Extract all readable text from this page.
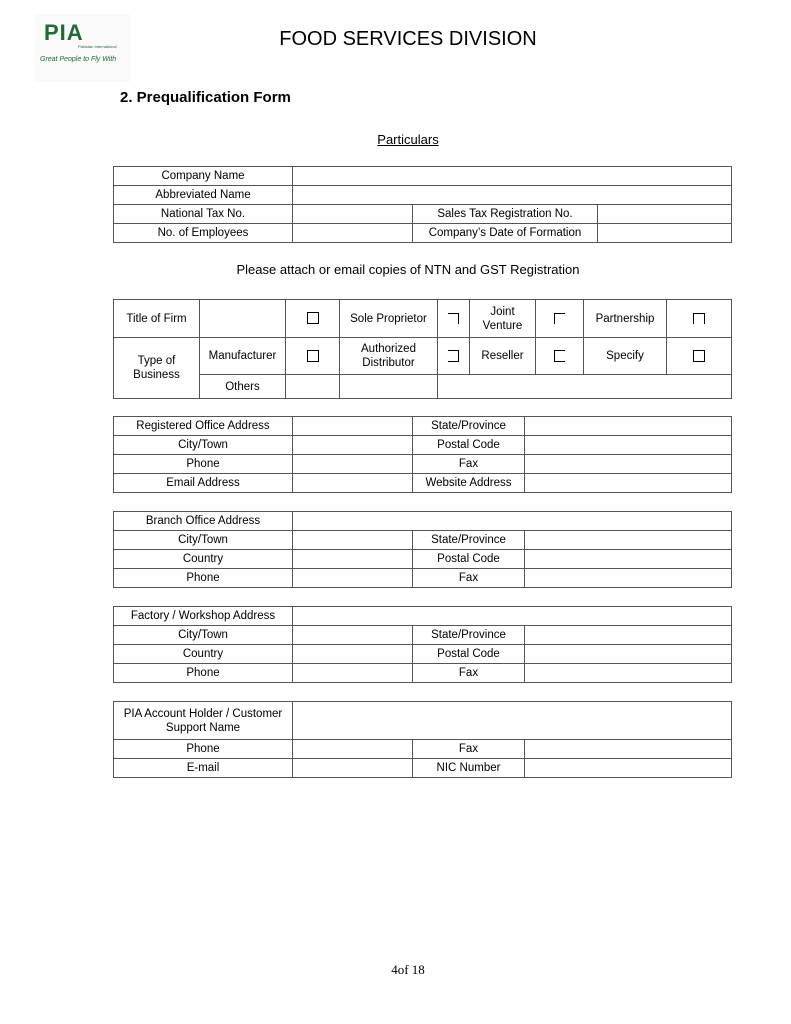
PIA
Pakistan International
Great People to Fly With
FOOD SERVICES DIVISION
2. Prequalification Form
Particulars
Company Name			
Abbreviated Name			
National Tax No.		Sales Tax Registration No.	
No. of Employees		Company’s Date of Formation	
Please attach or email copies of NTN and GST Registration
Title of Firm			Sole Proprietor		Joint Venture		Partnership	
Type of Business	Manufacturer		Authorized Distributor		Reseller		Specify	
	Others							
Registered Office Address		State/Province	
City/Town		Postal Code	
Phone		Fax	
Email Address		Website Address	
Branch Office Address			
City/Town		State/Province	
Country		Postal Code	
Phone		Fax	
Factory / Workshop Address			
City/Town		State/Province	
Country		Postal Code	
Phone		Fax	
PIA Account Holder / Customer Support Name			
Phone		Fax	
E-mail		NIC Number	
4of 18
